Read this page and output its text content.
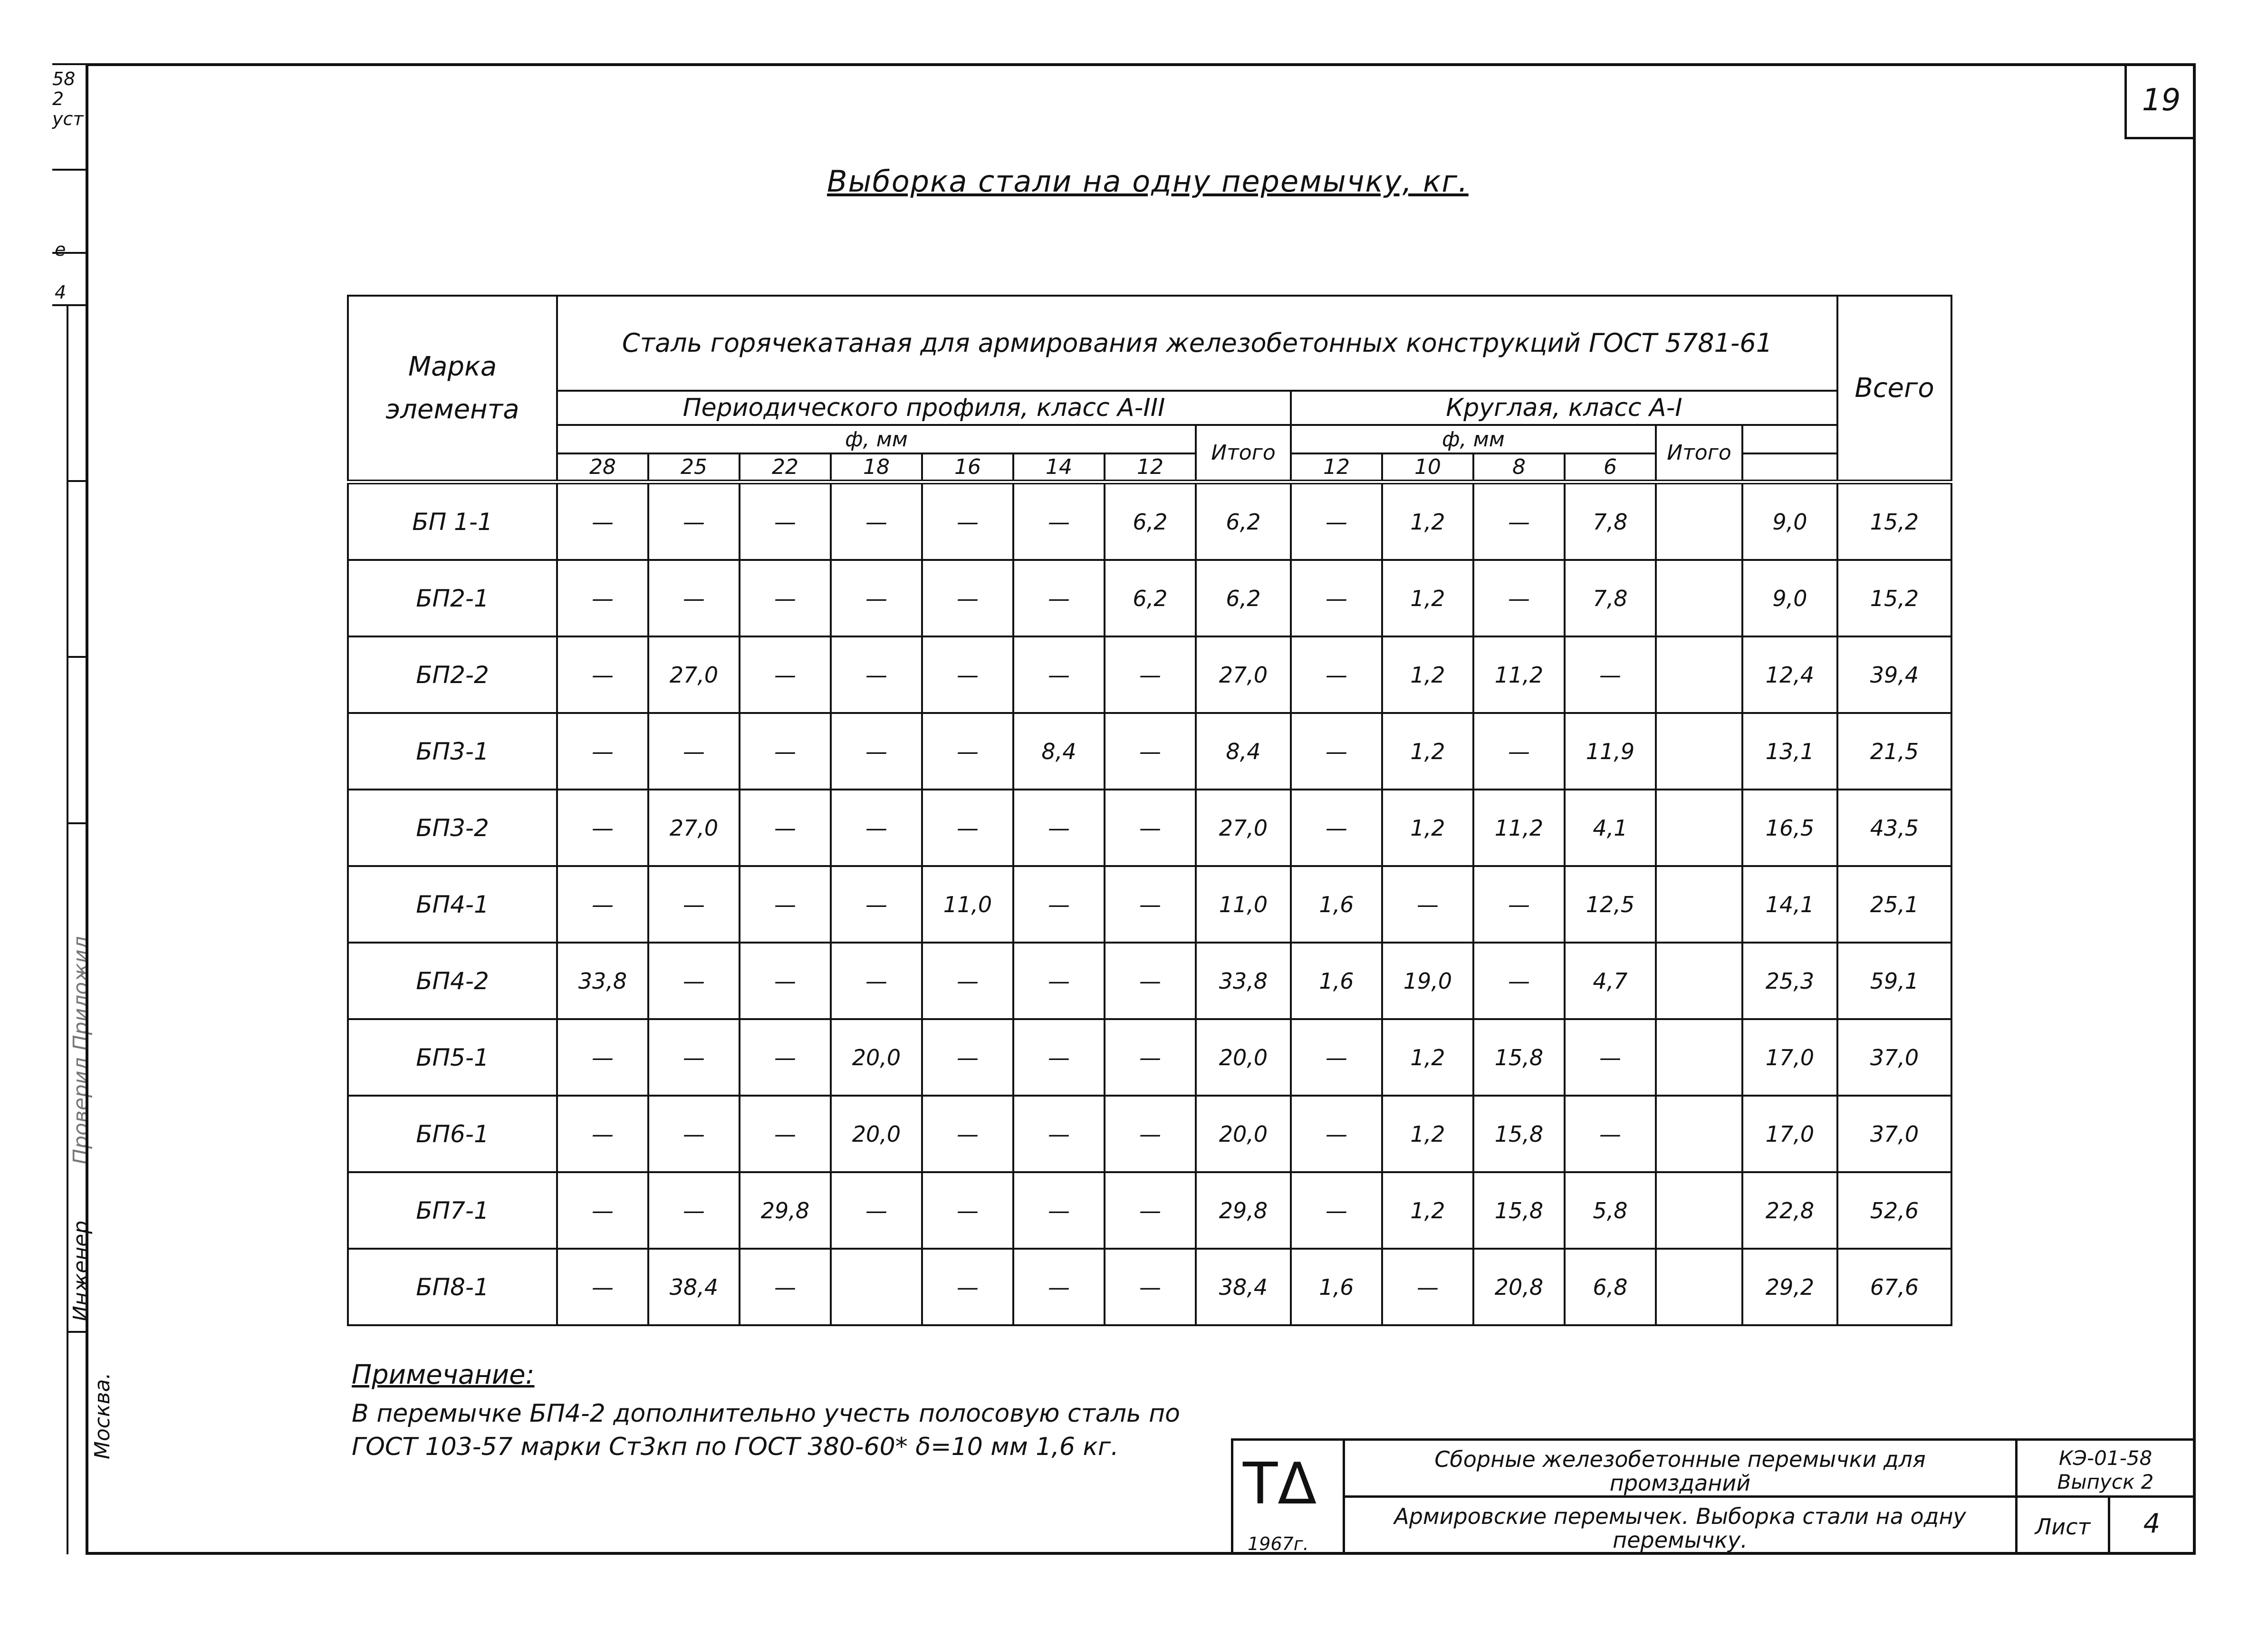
58
2
уст
е
4
Инженер
Проверил Приложил
Москва.
19
Выборка стали на одну перемычку, кг.
Марка элемента	Сталь горячекатаная для армирования железобетонных конструкций ГОСТ 5781-61														Всего
	Периодического профиля, класс А-III								Круглая, класс А-I						
	ф, мм							Итого	ф, мм				Итого		
	28	25	22	18	16	14	12		12	10	8	6			
БП 1-1	—	—	—	—	—	—	6,2	6,2	—	1,2	—	7,8		9,0	15,2
БП2-1	—	—	—	—	—	—	6,2	6,2	—	1,2	—	7,8		9,0	15,2
БП2-2	—	27,0	—	—	—	—	—	27,0	—	1,2	11,2	—		12,4	39,4
БП3-1	—	—	—	—	—	8,4	—	8,4	—	1,2	—	11,9		13,1	21,5
БП3-2	—	27,0	—	—	—	—	—	27,0	—	1,2	11,2	4,1		16,5	43,5
БП4-1	—	—	—	—	11,0	—	—	11,0	1,6	—	—	12,5		14,1	25,1
БП4-2	33,8	—	—	—	—	—	—	33,8	1,6	19,0	—	4,7		25,3	59,1
БП5-1	—	—	—	20,0	—	—	—	20,0	—	1,2	15,8	—		17,0	37,0
БП6-1	—	—	—	20,0	—	—	—	20,0	—	1,2	15,8	—		17,0	37,0
БП7-1	—	—	29,8	—	—	—	—	29,8	—	1,2	15,8	5,8		22,8	52,6
БП8-1	—	38,4	—		—	—	—	38,4	1,6	—	20,8	6,8		29,2	67,6
Примечание:
В перемычке БП4-2 дополнительно учесть полосовую сталь по ГОСТ 103-57 марки Ст3кп по ГОСТ 380-60* δ=10 мм 1,6 кг.
ТΔ
1967г.
Сборные железобетонные перемычки для промзданий
Армировские перемычек. Выборка стали на одну перемычку.
КЭ-01-58 Выпуск 2
Лист	4
